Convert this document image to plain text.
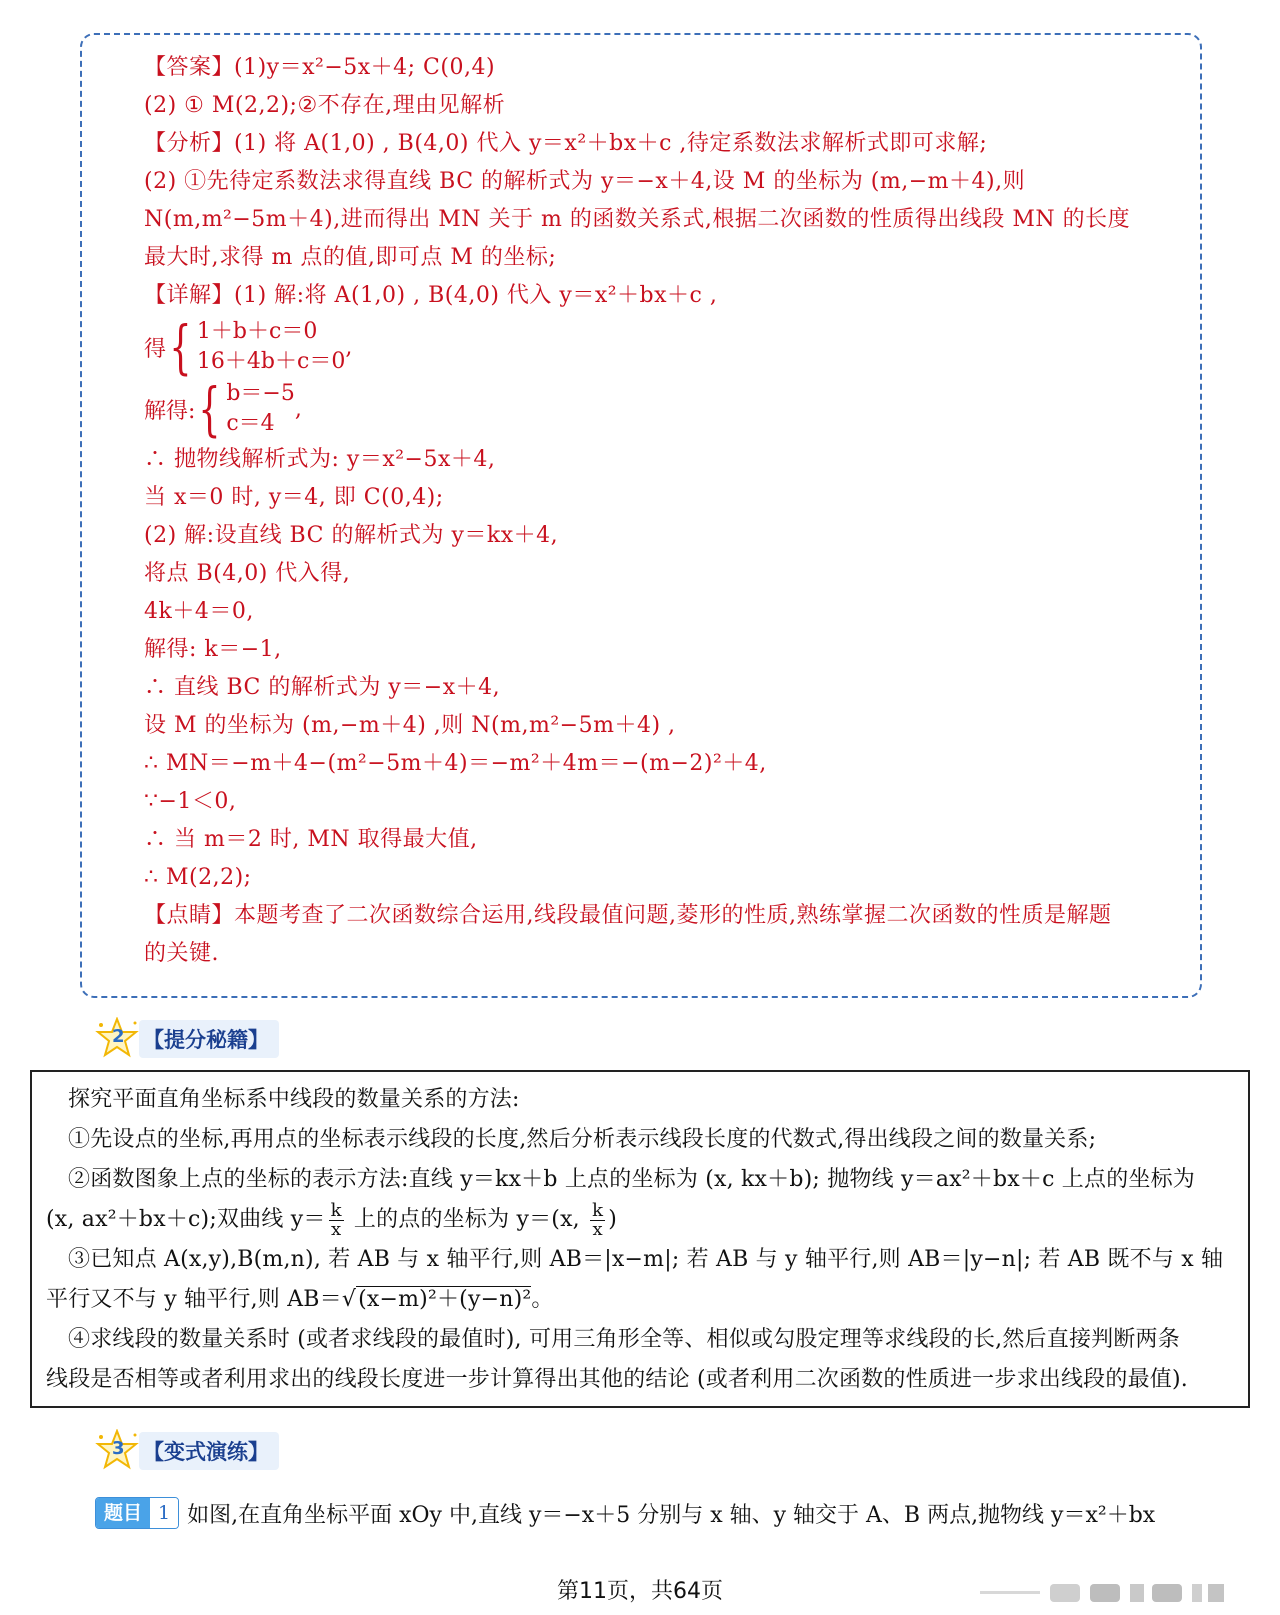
【答案】(1)y＝x²−5x＋4; C(0,4)
(2) ① M(2,2);②不存在,理由见解析
【分析】(1) 将 A(1,0) , B(4,0) 代入 y＝x²＋bx＋c ,待定系数法求解析式即可求解;
(2) ①先待定系数法求得直线 BC 的解析式为 y＝−x＋4,设 M 的坐标为 (m,−m＋4),则
N(m,m²−5m＋4),进而得出 MN 关于 m 的函数关系式,根据二次函数的性质得出线段 MN 的长度
最大时,求得 m 点的值,即可点 M 的坐标;
【详解】(1) 解:将 A(1,0) , B(4,0) 代入 y＝x²＋bx＋c ,
得 { 1＋b＋c＝0
16＋4b＋c＝0
,
解得: { b＝−5
c＝4
,
∴ 抛物线解析式为: y＝x²−5x＋4,
当 x＝0 时, y＝4, 即 C(0,4);
(2) 解:设直线 BC 的解析式为 y＝kx＋4,
将点 B(4,0) 代入得,
4k＋4＝0,
解得: k＝−1,
∴ 直线 BC 的解析式为 y＝−x＋4,
设 M 的坐标为 (m,−m＋4) ,则 N(m,m²−5m＋4) ,
∴ MN＝−m＋4−(m²−5m＋4)＝−m²＋4m＝−(m−2)²＋4,
∵−1＜0,
∴ 当 m＝2 时, MN 取得最大值,
∴ M(2,2);
【点睛】本题考查了二次函数综合运用,线段最值问题,菱形的性质,熟练掌握二次函数的性质是解题
的关键.
2 【提分秘籍】
探究平面直角坐标系中线段的数量关系的方法:
①先设点的坐标,再用点的坐标表示线段的长度,然后分析表示线段长度的代数式,得出线段之间的数量关系;
②函数图象上点的坐标的表示方法:直线 y＝kx＋b 上点的坐标为 (x, kx＋b); 抛物线 y＝ax²＋bx＋c 上点的坐标为
(x, ax²＋bx＋c);双曲线 $y= \frac{k}{x}$ 上的点的坐标为 y＝(x, $\frac{k}{x}$ )
③已知点 A(x,y),B(m,n), 若 AB 与 x 轴平行,则 AB＝|x−m|; 若 AB 与 y 轴平行,则 AB＝|y−n|; 若 AB 既不与 x 轴
平行又不与 y 轴平行,则 AB＝√(x−m)²＋(y−n)²。
④求线段的数量关系时 (或者求线段的最值时), 可用三角形全等、相似或勾股定理等求线段的长,然后直接判断两条
线段是否相等或者利用求出的线段长度进一步计算得出其他的结论 (或者利用二次函数的性质进一步求出线段的最值).
3 【变式演练】
题目 1 如图,在直角坐标平面 xOy 中,直线 y＝−x＋5 分别与 x 轴、y 轴交于 A、B 两点,抛物线 y＝x²＋bx
第11页，共64页
